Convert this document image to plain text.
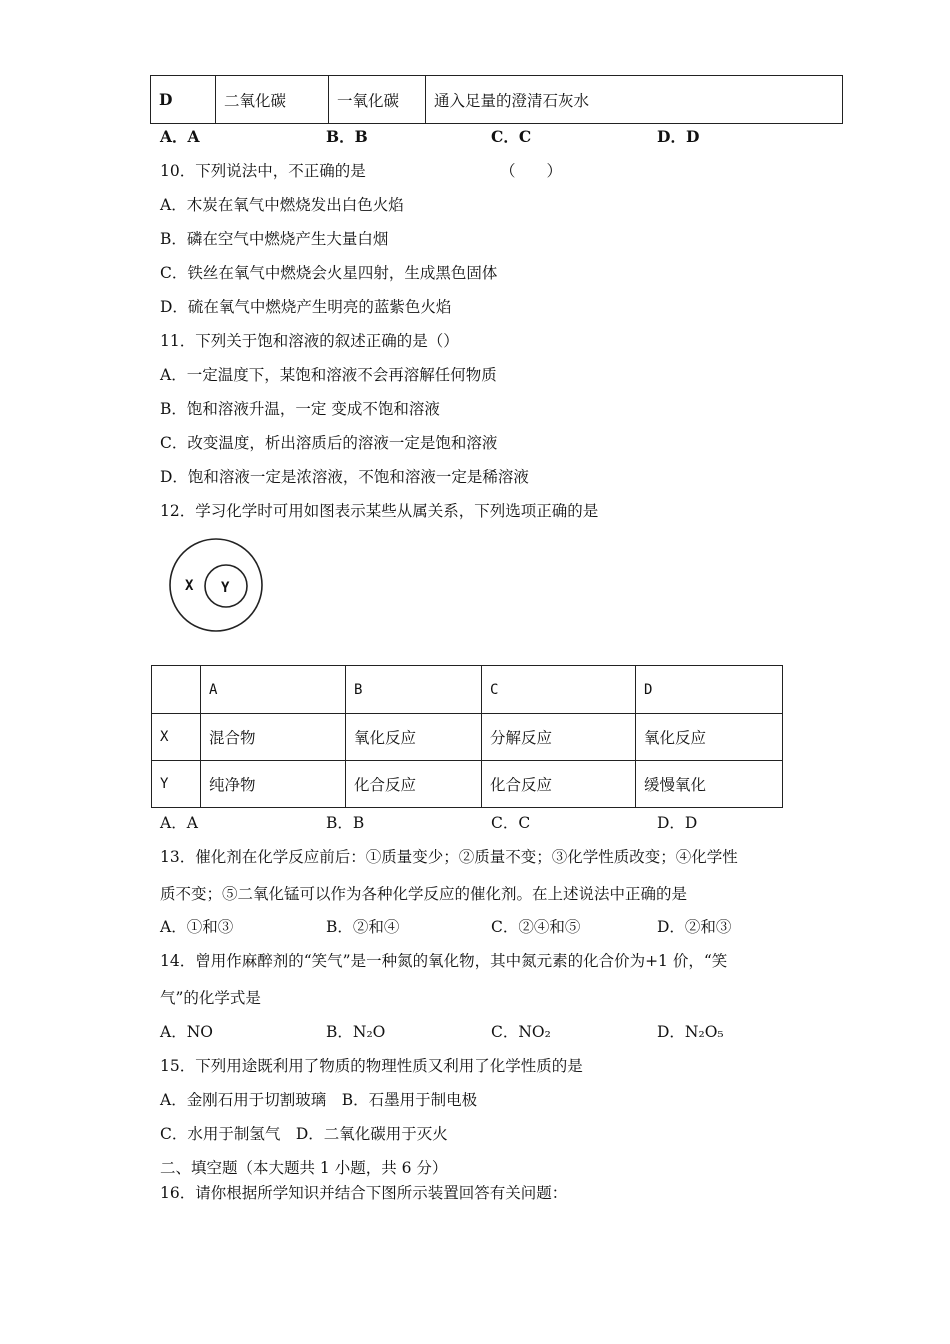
D	二氧化碳	一氧化碳	通入足量的澄清石灰水
A．A	B．B	C．C	D．D
10．下列说法中，不正确的是	（　　）
A．木炭在氧气中燃烧发出白色火焰
B．磷在空气中燃烧产生大量白烟
C．铁丝在氧气中燃烧会火星四射，生成黑色固体
D．硫在氧气中燃烧产生明亮的蓝紫色火焰
11．下列关于饱和溶液的叙述正确的是（）
A．一定温度下，某饱和溶液不会再溶解任何物质
B．饱和溶液升温，一定 变成不饱和溶液
C．改变温度，析出溶质后的溶液一定是饱和溶液
D．饱和溶液一定是浓溶液，不饱和溶液一定是稀溶液
12．学习化学时可用如图表示某些从属关系，下列选项正确的是
X Y
	A	B	C	D
X	混合物	氧化反应	分解反应	氧化反应
Y	纯净物	化合反应	化合反应	缓慢氧化
A．A	B．B	C．C	D．D
13．催化剂在化学反应前后：①质量变少；②质量不变；③化学性质改变；④化学性
质不变；⑤二氧化锰可以作为各种化学反应的催化剂。在上述说法中正确的是
A．①和③	B．②和④	C．②④和⑤	D．②和③
14．曾用作麻醉剂的“笑气”是一种氮的氧化物，其中氮元素的化合价为+1 价，“笑
气”的化学式是
A．NO	B．N₂O	C．NO₂	D．N₂O₅
15．下列用途既利用了物质的物理性质又利用了化学性质的是
A．金刚石用于切割玻璃　B．石墨用于制电极
C．水用于制氢气　D．二氧化碳用于灭火
二、填空题（本大题共 1 小题，共 6 分）
16．请你根据所学知识并结合下图所示装置回答有关问题：
